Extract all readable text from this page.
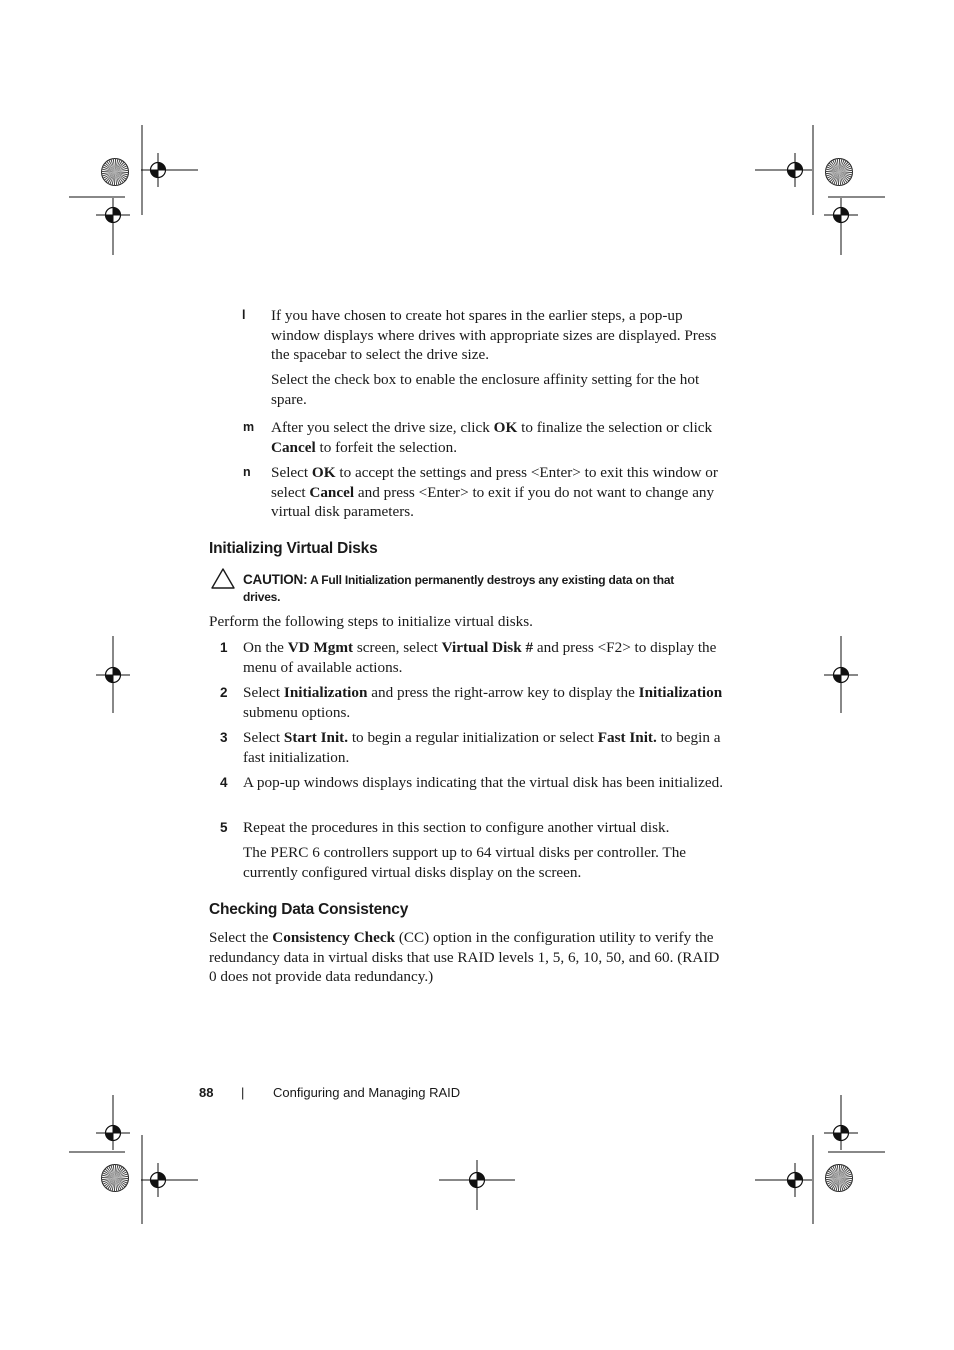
l If you have chosen to create hot spares in the earlier steps, a pop-up window displays where drives with appropriate sizes are displayed. Press the spacebar to select the drive size.
Select the check box to enable the enclosure affinity setting for the hot spare.
m After you select the drive size, click OK to finalize the selection or click Cancel to forfeit the selection.
n Select OK to accept the settings and press <Enter> to exit this window or select Cancel and press <Enter> to exit if you do not want to change any virtual disk parameters.
Initializing Virtual Disks
CAUTION: A Full Initialization permanently destroys any existing data on that drives.
Perform the following steps to initialize virtual disks.
1 On the VD Mgmt screen, select Virtual Disk # and press <F2> to display the menu of available actions.
2 Select Initialization and press the right-arrow key to display the Initialization submenu options.
3 Select Start Init. to begin a regular initialization or select Fast Init. to begin a fast initialization.
4 A pop-up windows displays indicating that the virtual disk has been initialized.
5 Repeat the procedures in this section to configure another virtual disk.
The PERC 6 controllers support up to 64 virtual disks per controller. The currently configured virtual disks display on the screen.
Checking Data Consistency
Select the Consistency Check (CC) option in the configuration utility to verify the redundancy data in virtual disks that use RAID levels 1, 5, 6, 10, 50, and 60. (RAID 0 does not provide data redundancy.)
88 | Configuring and Managing RAID
